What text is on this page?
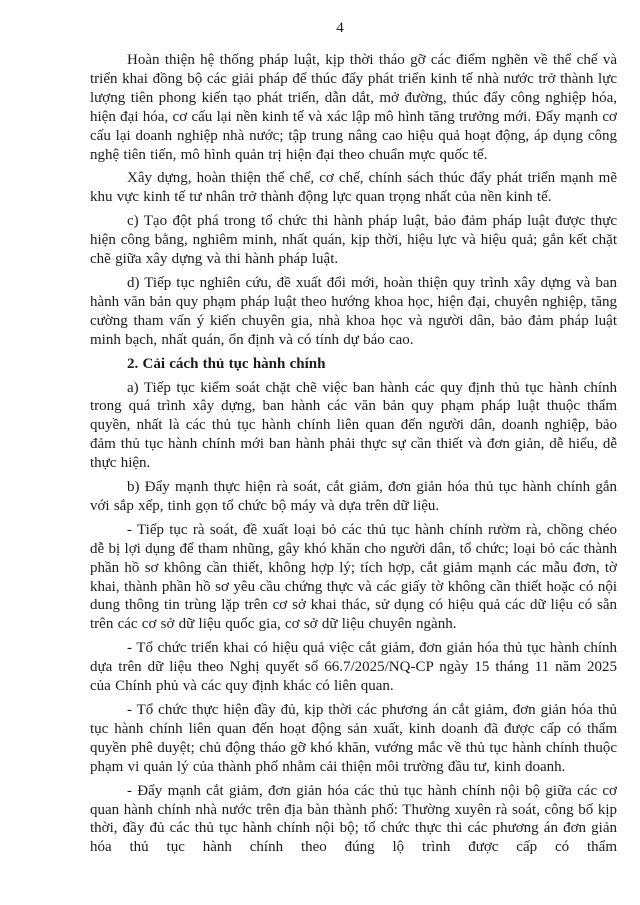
4

Hoàn thiện hệ thống pháp luật, kịp thời tháo gỡ các điểm nghẽn về thể chế và triển khai đồng bộ các giải pháp để thúc đẩy phát triển kinh tế nhà nước trở thành lực lượng tiên phong kiến tạo phát triển, dẫn dắt, mở đường, thúc đẩy công nghiệp hóa, hiện đại hóa, cơ cấu lại nền kinh tế và xác lập mô hình tăng trưởng mới. Đẩy mạnh cơ cấu lại doanh nghiệp nhà nước; tập trung nâng cao hiệu quả hoạt động, áp dụng công nghệ tiên tiến, mô hình quản trị hiện đại theo chuẩn mực quốc tế.

Xây dựng, hoàn thiện thể chế, cơ chế, chính sách thúc đẩy phát triển mạnh mẽ khu vực kinh tế tư nhân trở thành động lực quan trọng nhất của nền kinh tế.

c) Tạo đột phá trong tổ chức thi hành pháp luật, bảo đảm pháp luật được thực hiện công bằng, nghiêm minh, nhất quán, kịp thời, hiệu lực và hiệu quả; gắn kết chặt chẽ giữa xây dựng và thi hành pháp luật.

d) Tiếp tục nghiên cứu, đề xuất đổi mới, hoàn thiện quy trình xây dựng và ban hành văn bản quy phạm pháp luật theo hướng khoa học, hiện đại, chuyên nghiệp, tăng cường tham vấn ý kiến chuyên gia, nhà khoa học và người dân, bảo đảm pháp luật minh bạch, nhất quán, ổn định và có tính dự báo cao.

2. Cải cách thủ tục hành chính

a) Tiếp tục kiểm soát chặt chẽ việc ban hành các quy định thủ tục hành chính trong quá trình xây dựng, ban hành các văn bản quy phạm pháp luật thuộc thẩm quyền, nhất là các thủ tục hành chính liên quan đến người dân, doanh nghiệp, bảo đảm thủ tục hành chính mới ban hành phải thực sự cần thiết và đơn giản, dễ hiểu, dễ thực hiện.

b) Đẩy mạnh thực hiện rà soát, cắt giảm, đơn giản hóa thủ tục hành chính gắn với sắp xếp, tinh gọn tổ chức bộ máy và dựa trên dữ liệu.

- Tiếp tục rà soát, đề xuất loại bỏ các thủ tục hành chính rườm rà, chồng chéo dễ bị lợi dụng để tham nhũng, gây khó khăn cho người dân, tổ chức; loại bỏ các thành phần hồ sơ không cần thiết, không hợp lý; tích hợp, cắt giảm mạnh các mẫu đơn, tờ khai, thành phần hồ sơ yêu cầu chứng thực và các giấy tờ không cần thiết hoặc có nội dung thông tin trùng lặp trên cơ sở khai thác, sử dụng có hiệu quả các dữ liệu có sẵn trên các cơ sở dữ liệu quốc gia, cơ sở dữ liệu chuyên ngành.

- Tổ chức triển khai có hiệu quả việc cắt giảm, đơn giản hóa thủ tục hành chính dựa trên dữ liệu theo Nghị quyết số 66.7/2025/NQ-CP ngày 15 tháng 11 năm 2025 của Chính phủ và các quy định khác có liên quan.

- Tổ chức thực hiện đầy đủ, kịp thời các phương án cắt giảm, đơn giản hóa thủ tục hành chính liên quan đến hoạt động sản xuất, kinh doanh đã được cấp có thẩm quyền phê duyệt; chủ động tháo gỡ khó khăn, vướng mắc về thủ tục hành chính thuộc phạm vi quản lý của thành phố nhằm cải thiện môi trường đầu tư, kinh doanh.

- Đẩy mạnh cắt giảm, đơn giản hóa các thủ tục hành chính nội bộ giữa các cơ quan hành chính nhà nước trên địa bàn thành phố: Thường xuyên rà soát, công bố kịp thời, đầy đủ các thủ tục hành chính nội bộ; tổ chức thực thi các phương án đơn giản hóa thủ tục hành chính theo đúng lộ trình được cấp có thẩm
